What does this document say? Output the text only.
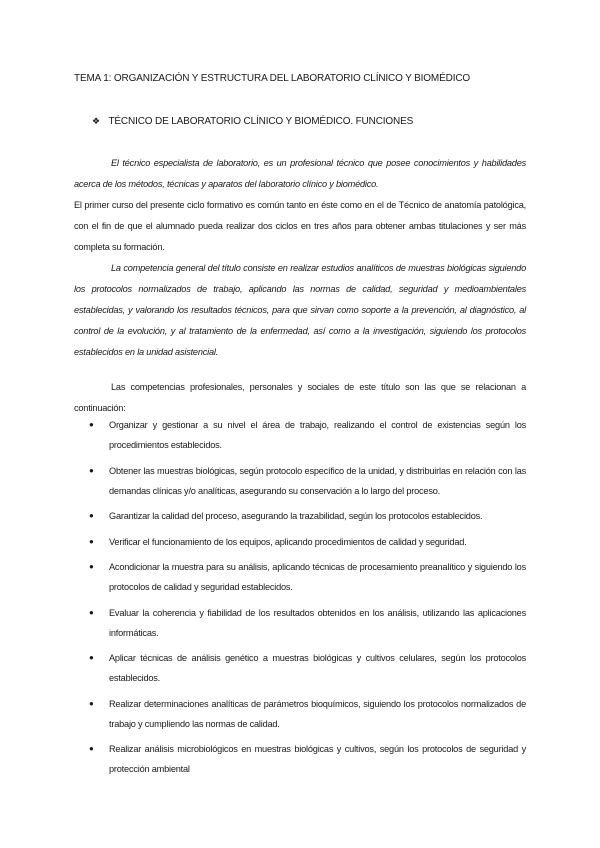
TEMA 1: ORGANIZACIÓN Y ESTRUCTURA DEL LABORATORIO CLÍNICO Y BIOMÉDICO
❖ TÉCNICO DE LABORATORIO CLÍNICO Y BIOMÉDICO. FUNCIONES

El técnico especialista de laboratorio, es un profesional técnico que posee conocimientos y habilidades acerca de los métodos, técnicas y aparatos del laboratorio clínico y biomédico.

El primer curso del presente ciclo formativo es común tanto en éste como en el de Técnico de anatomía patológica, con el fin de que el alumnado pueda realizar dos ciclos en tres años para obtener ambas titulaciones y ser más completa su formación.

La competencia general del título consiste en realizar estudios analíticos de muestras biológicas siguiendo los protocolos normalizados de trabajo, aplicando las normas de calidad, seguridad y medioambientales establecidas, y valorando los resultados técnicos, para que sirvan como soporte a la prevención, al diagnóstico, al control de la evolución, y al tratamiento de la enfermedad, así como a la investigación, siguiendo los protocolos establecidos en la unidad asistencial.

Las competencias profesionales, personales y sociales de este título son las que se relacionan a continuación:

● Organizar y gestionar a su nivel el área de trabajo, realizando el control de existencias según los procedimientos establecidos.
● Obtener las muestras biológicas, según protocolo específico de la unidad, y distribuirlas en relación con las demandas clínicas y/o analíticas, asegurando su conservación a lo largo del proceso.
● Garantizar la calidad del proceso, asegurando la trazabilidad, según los protocolos establecidos.
● Verificar el funcionamiento de los equipos, aplicando procedimientos de calidad y seguridad.
● Acondicionar la muestra para su análisis, aplicando técnicas de procesamiento preanalítico y siguiendo los protocolos de calidad y seguridad establecidos.
● Evaluar la coherencia y fiabilidad de los resultados obtenidos en los análisis, utilizando las aplicaciones informáticas.
● Aplicar técnicas de análisis genético a muestras biológicas y cultivos celulares, según los protocolos establecidos.
● Realizar determinaciones analíticas de parámetros bioquímicos, siguiendo los protocolos normalizados de trabajo y cumpliendo las normas de calidad.
● Realizar análisis microbiológicos en muestras biológicas y cultivos, según los protocolos de seguridad y protección ambiental
